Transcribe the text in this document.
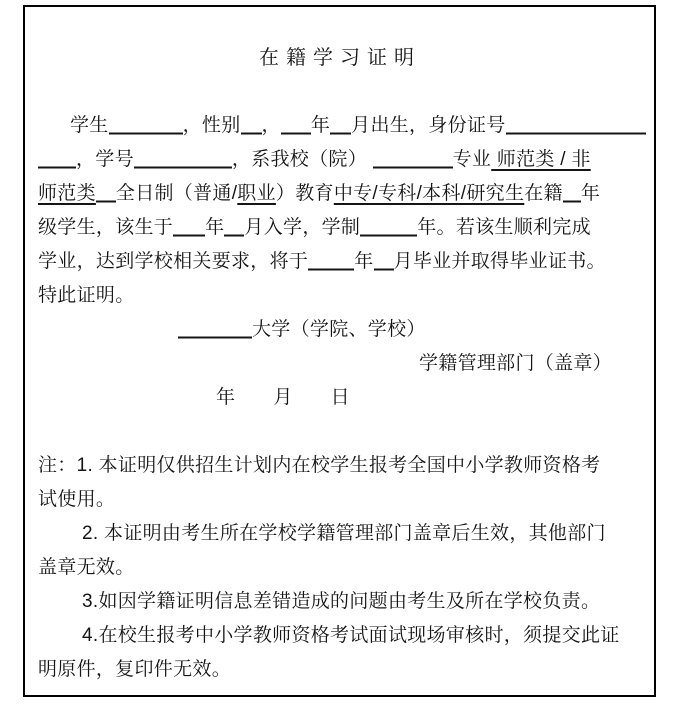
在籍学习证明
学生	，性别 ， 年 月出生，身份证号
，学号	，系我校（院）	专业 师范类 / 非
师范类 全日制（普通/职业）教育中专/专科/本科/研究生在籍 年
级学生，该生于 年 月入学，学制	年。若该生顺利完成
学业，达到学校相关要求，将于 年 月毕业并取得毕业证书。
特此证明。
大学（学院、学校）
学籍管理部门（盖章）
年 月 日
注：1. 本证明仅供招生计划内在校学生报考全国中小学教师资格考
试使用。
2. 本证明由考生所在学校学籍管理部门盖章后生效，其他部门
盖章无效。
3.如因学籍证明信息差错造成的问题由考生及所在学校负责。
4.在校生报考中小学教师资格考试面试现场审核时，须提交此证
明原件，复印件无效。
